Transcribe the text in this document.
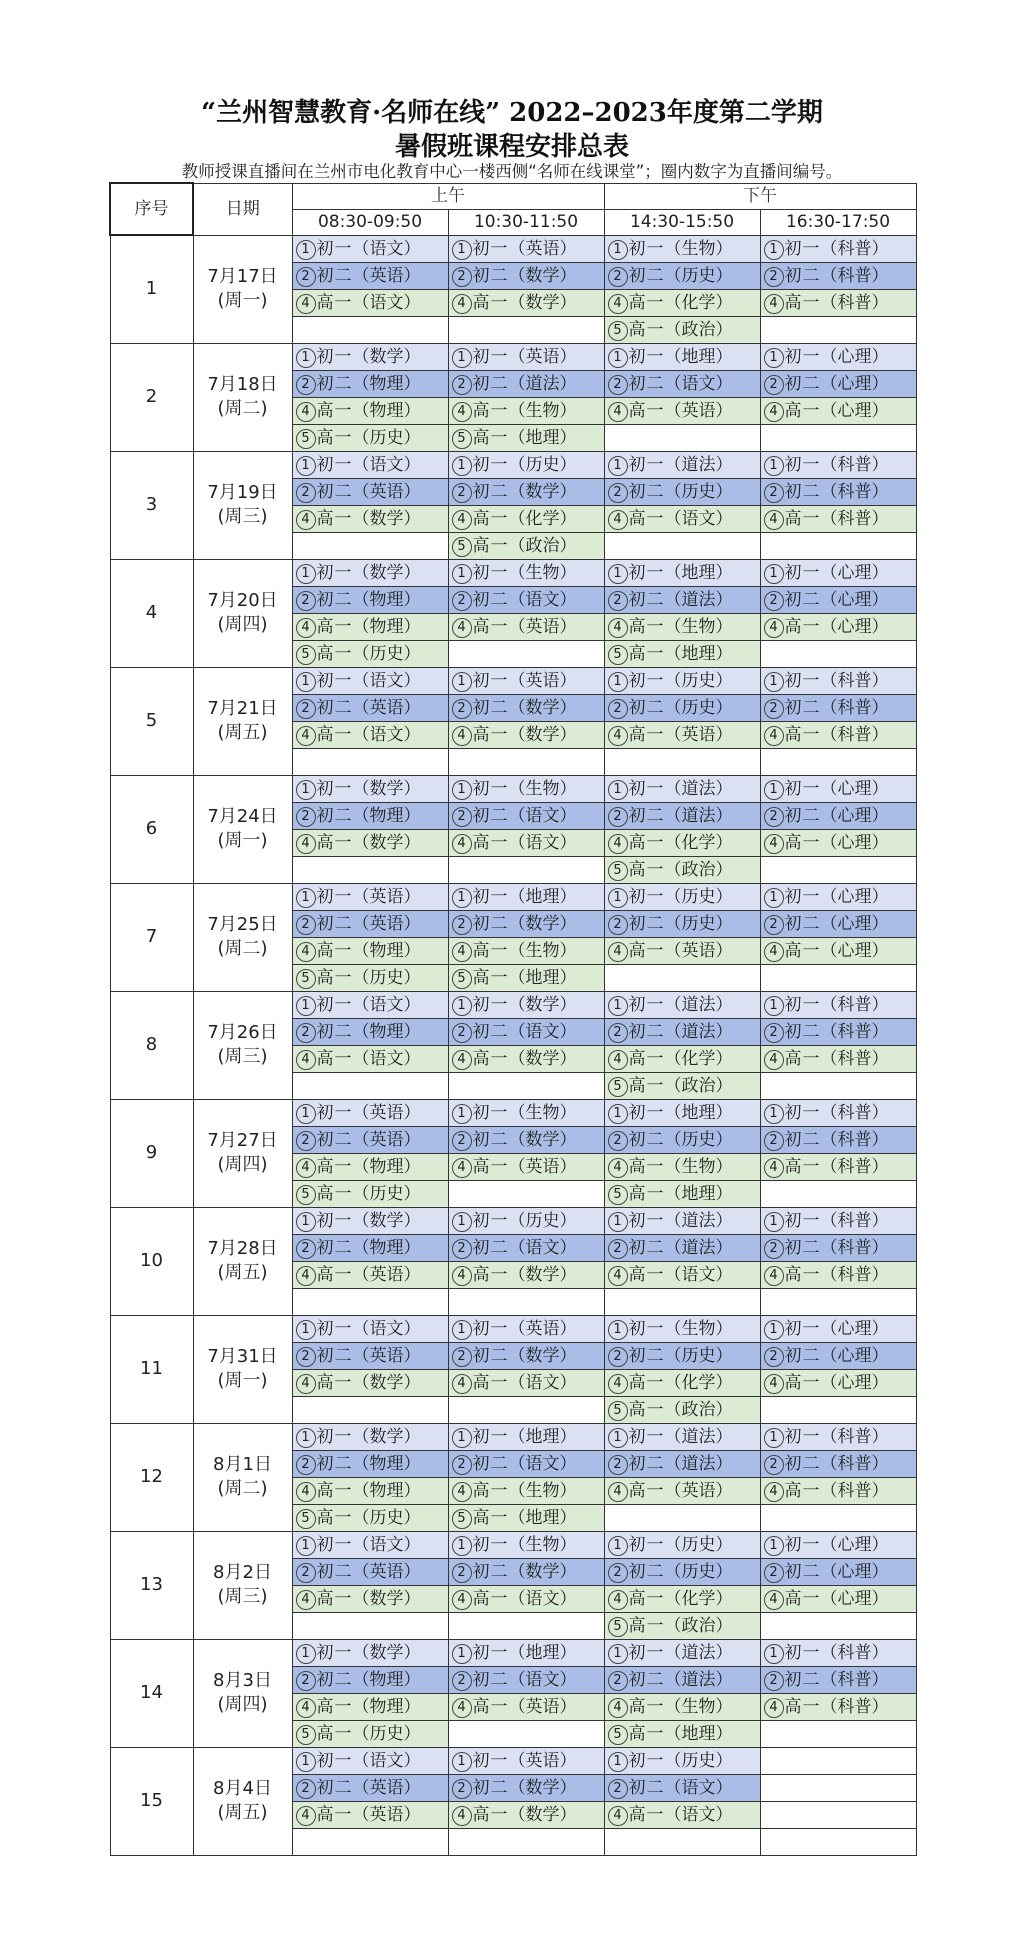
“兰州智慧教育·名师在线” 2022–2023年度第二学期
暑假班课程安排总表
教师授课直播间在兰州市电化教育中心一楼西侧“名师在线课堂”；圈内数字为直播间编号。
序号	日期	上午		下午	
		08:30-09:50	10:30-11:50	14:30-15:50	16:30-17:50
1	7月17日
(周一)	1 初一（语文）	1 初一（英语）	1 初一（生物）	1 初一（科普）
		2 初二（英语）	2 初二（数学）	2 初二（历史）	2 初二（科普）
		4 高一（语文）	4 高一（数学）	4 高一（化学）	4 高一（科普）
				5 高一（政治）	
2	7月18日
(周二)	1 初一（数学）	1 初一（英语）	1 初一（地理）	1 初一（心理）
		2 初二（物理）	2 初二（道法）	2 初二（语文）	2 初二（心理）
		4 高一（物理）	4 高一（生物）	4 高一（英语）	4 高一（心理）
		5 高一（历史）	5 高一（地理）		
3	7月19日
(周三)	1 初一（语文）	1 初一（历史）	1 初一（道法）	1 初一（科普）
		2 初二（英语）	2 初二（数学）	2 初二（历史）	2 初二（科普）
		4 高一（数学）	4 高一（化学）	4 高一（语文）	4 高一（科普）
			5 高一（政治）		
4	7月20日
(周四)	1 初一（数学）	1 初一（生物）	1 初一（地理）	1 初一（心理）
		2 初二（物理）	2 初二（语文）	2 初二（道法）	2 初二（心理）
		4 高一（物理）	4 高一（英语）	4 高一（生物）	4 高一（心理）
		5 高一（历史）		5 高一（地理）	
5	7月21日
(周五)	1 初一（语文）	1 初一（英语）	1 初一（历史）	1 初一（科普）
		2 初二（英语）	2 初二（数学）	2 初二（历史）	2 初二（科普）
		4 高一（语文）	4 高一（数学）	4 高一（英语）	4 高一（科普）

6	7月24日
(周一)	1 初一（数学）	1 初一（生物）	1 初一（道法）	1 初一（心理）
		2 初二（物理）	2 初二（语文）	2 初二（道法）	2 初二（心理）
		4 高一（数学）	4 高一（语文）	4 高一（化学）	4 高一（心理）
				5 高一（政治）	
7	7月25日
(周二)	1 初一（英语）	1 初一（地理）	1 初一（历史）	1 初一（心理）
		2 初二（英语）	2 初二（数学）	2 初二（历史）	2 初二（心理）
		4 高一（物理）	4 高一（生物）	4 高一（英语）	4 高一（心理）
		5 高一（历史）	5 高一（地理）		
8	7月26日
(周三)	1 初一（语文）	1 初一（数学）	1 初一（道法）	1 初一（科普）
		2 初二（物理）	2 初二（语文）	2 初二（道法）	2 初二（科普）
		4 高一（语文）	4 高一（数学）	4 高一（化学）	4 高一（科普）
				5 高一（政治）	
9	7月27日
(周四)	1 初一（英语）	1 初一（生物）	1 初一（地理）	1 初一（科普）
		2 初二（英语）	2 初二（数学）	2 初二（历史）	2 初二（科普）
		4 高一（物理）	4 高一（英语）	4 高一（生物）	4 高一（科普）
		5 高一（历史）		5 高一（地理）	
10	7月28日
(周五)	1 初一（数学）	1 初一（历史）	1 初一（道法）	1 初一（科普）
		2 初二（物理）	2 初二（语文）	2 初二（道法）	2 初二（科普）
		4 高一（英语）	4 高一（数学）	4 高一（语文）	4 高一（科普）

11	7月31日
(周一)	1 初一（语文）	1 初一（英语）	1 初一（生物）	1 初一（心理）
		2 初二（英语）	2 初二（数学）	2 初二（历史）	2 初二（心理）
		4 高一（数学）	4 高一（语文）	4 高一（化学）	4 高一（心理）
				5 高一（政治）	
12	8月1日
(周二)	1 初一（数学）	1 初一（地理）	1 初一（道法）	1 初一（科普）
		2 初二（物理）	2 初二（语文）	2 初二（道法）	2 初二（科普）
		4 高一（物理）	4 高一（生物）	4 高一（英语）	4 高一（科普）
		5 高一（历史）	5 高一（地理）		
13	8月2日
(周三)	1 初一（语文）	1 初一（生物）	1 初一（历史）	1 初一（心理）
		2 初二（英语）	2 初二（数学）	2 初二（历史）	2 初二（心理）
		4 高一（数学）	4 高一（语文）	4 高一（化学）	4 高一（心理）
				5 高一（政治）	
14	8月3日
(周四)	1 初一（数学）	1 初一（地理）	1 初一（道法）	1 初一（科普）
		2 初二（物理）	2 初二（语文）	2 初二（道法）	2 初二（科普）
		4 高一（物理）	4 高一（英语）	4 高一（生物）	4 高一（科普）
		5 高一（历史）		5 高一（地理）	
15	8月4日
(周五)	1 初一（语文）	1 初一（英语）	1 初一（历史）	
		2 初二（英语）	2 初二（数学）	2 初二（语文）	
		4 高一（英语）	4 高一（数学）	4 高一（语文）	
